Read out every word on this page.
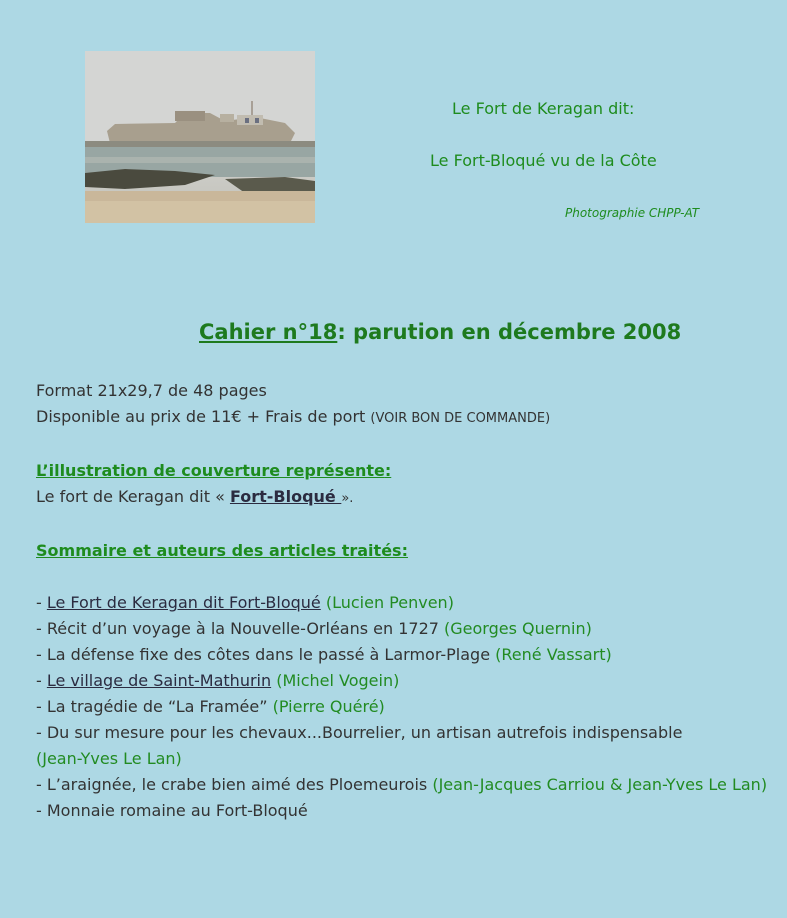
Le Fort de Keragan dit:
Le Fort-Bloqué vu de la Côte
Photographie CHPP-AT
Cahier n°18: parution en décembre 2008

Format 21x29,7 de 48 pages

Disponible au prix de 11€ + Frais de port (VOIR BON DE COMMANDE)

L’illustration de couverture représente:

Le fort de Keragan dit « Fort-Bloqué ».

Sommaire et auteurs des articles traités:

- Le Fort de Keragan dit Fort-Bloqué (Lucien Penven)

- Récit d’un voyage à la Nouvelle-Orléans en 1727 (Georges Quernin)

- La défense fixe des côtes dans le passé à Larmor-Plage (René Vassart)

- Le village de Saint-Mathurin (Michel Vogein)

- La tragédie de “La Framée” (Pierre Quéré)

- Du sur mesure pour les chevaux...Bourrelier, un artisan autrefois indispensable
(Jean-Yves Le Lan)

- L’araignée, le crabe bien aimé des Ploemeurois (Jean-Jacques Carriou & Jean-Yves Le Lan)

- Monnaie romaine au Fort-Bloqué
